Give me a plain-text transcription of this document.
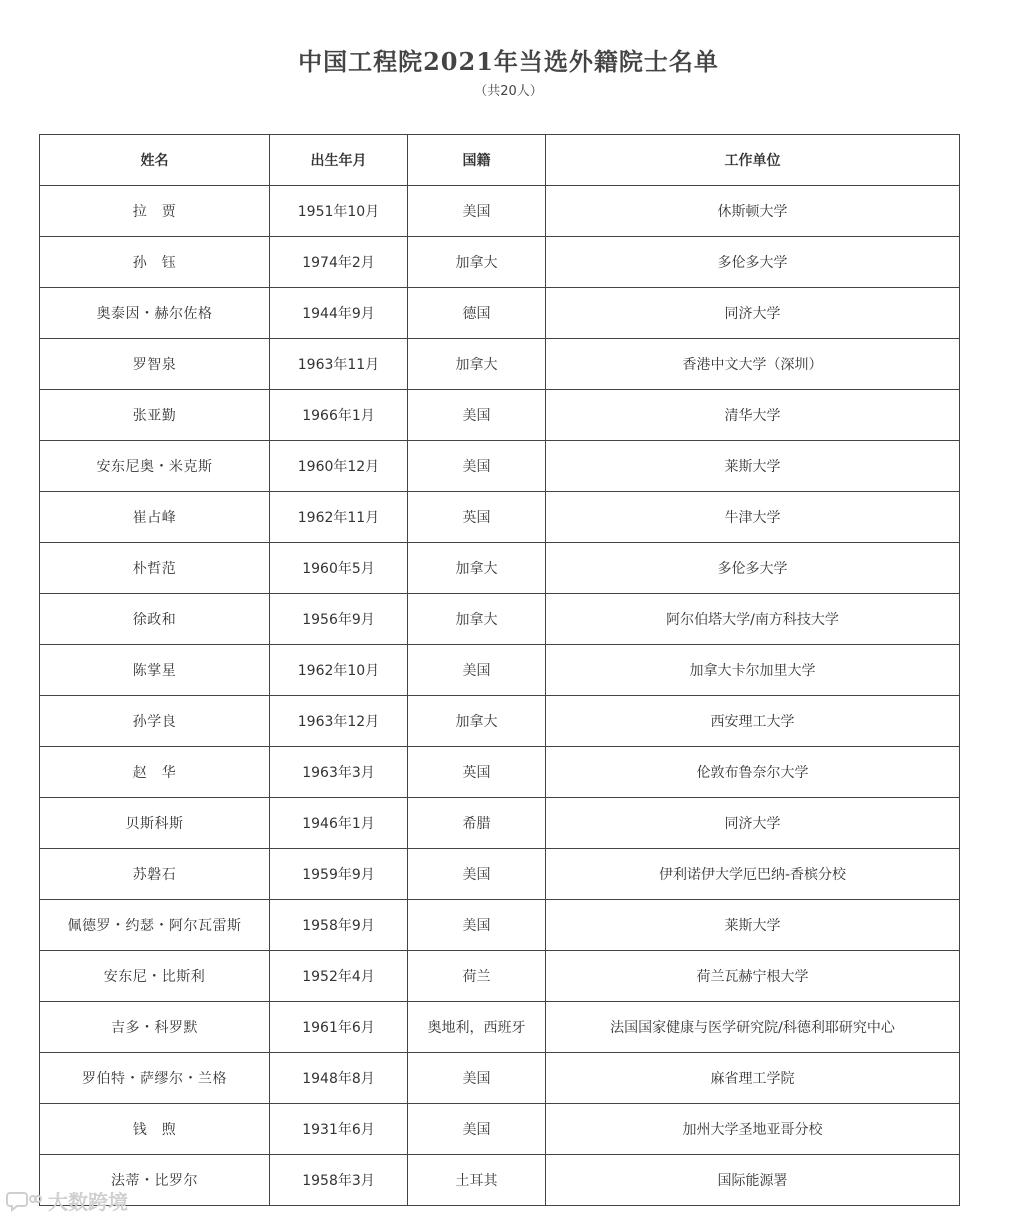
中国工程院2021年当选外籍院士名单
（共20人）
姓名	出生年月	国籍	工作单位
拉　贾	1951年10月	美国	休斯顿大学
孙　钰	1974年2月	加拿大	多伦多大学
奥泰因・赫尔佐格	1944年9月	德国	同济大学
罗智泉	1963年11月	加拿大	香港中文大学（深圳）
张亚勤	1966年1月	美国	清华大学
安东尼奥・米克斯	1960年12月	美国	莱斯大学
崔占峰	1962年11月	英国	牛津大学
朴哲范	1960年5月	加拿大	多伦多大学
徐政和	1956年9月	加拿大	阿尔伯塔大学/南方科技大学
陈掌星	1962年10月	美国	加拿大卡尔加里大学
孙学良	1963年12月	加拿大	西安理工大学
赵　华	1963年3月	英国	伦敦布鲁奈尔大学
贝斯科斯	1946年1月	希腊	同济大学
苏磐石	1959年9月	美国	伊利诺伊大学厄巴纳-香槟分校
佩德罗・约瑟・阿尔瓦雷斯	1958年9月	美国	莱斯大学
安东尼・比斯利	1952年4月	荷兰	荷兰瓦赫宁根大学
吉多・科罗默	1961年6月	奥地利，西班牙	法国国家健康与医学研究院/科德利耶研究中心
罗伯特・萨缪尔・兰格	1948年8月	美国	麻省理工学院
钱　煦	1931年6月	美国	加州大学圣地亚哥分校
法蒂・比罗尔	1958年3月	土耳其	国际能源署
大数跨境
